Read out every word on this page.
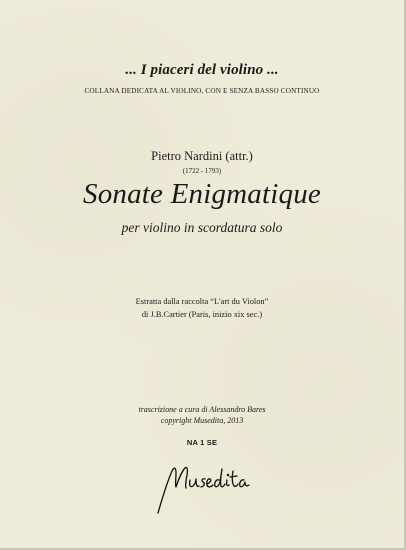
... I piaceri del violino ...
COLLANA DEDICATA AL VIOLINO, CON E SENZA BASSO CONTINUO
Pietro Nardini (attr.)
(1722 - 1793)
Sonate Enigmatique
per violino in scordatura solo
Estratta dalla raccolta “L'art du Violon”
di J.B.Cartier (Paris, inizio xix sec.)
trascrizione a cura di Alessandro Bares
copyright Musedita, 2013
NA 1 SE
